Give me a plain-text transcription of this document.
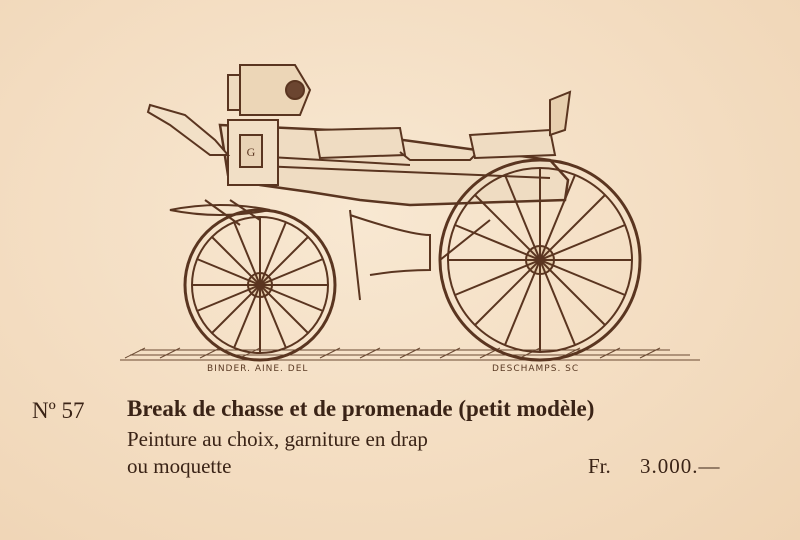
G
BINDER. AINE. DEL	DESCHAMPS. SC
Nº 57 Break de chasse et de promenade (petit modèle)
Peinture au choix, garniture en drap
ou moquette	Fr. 3.000.—
